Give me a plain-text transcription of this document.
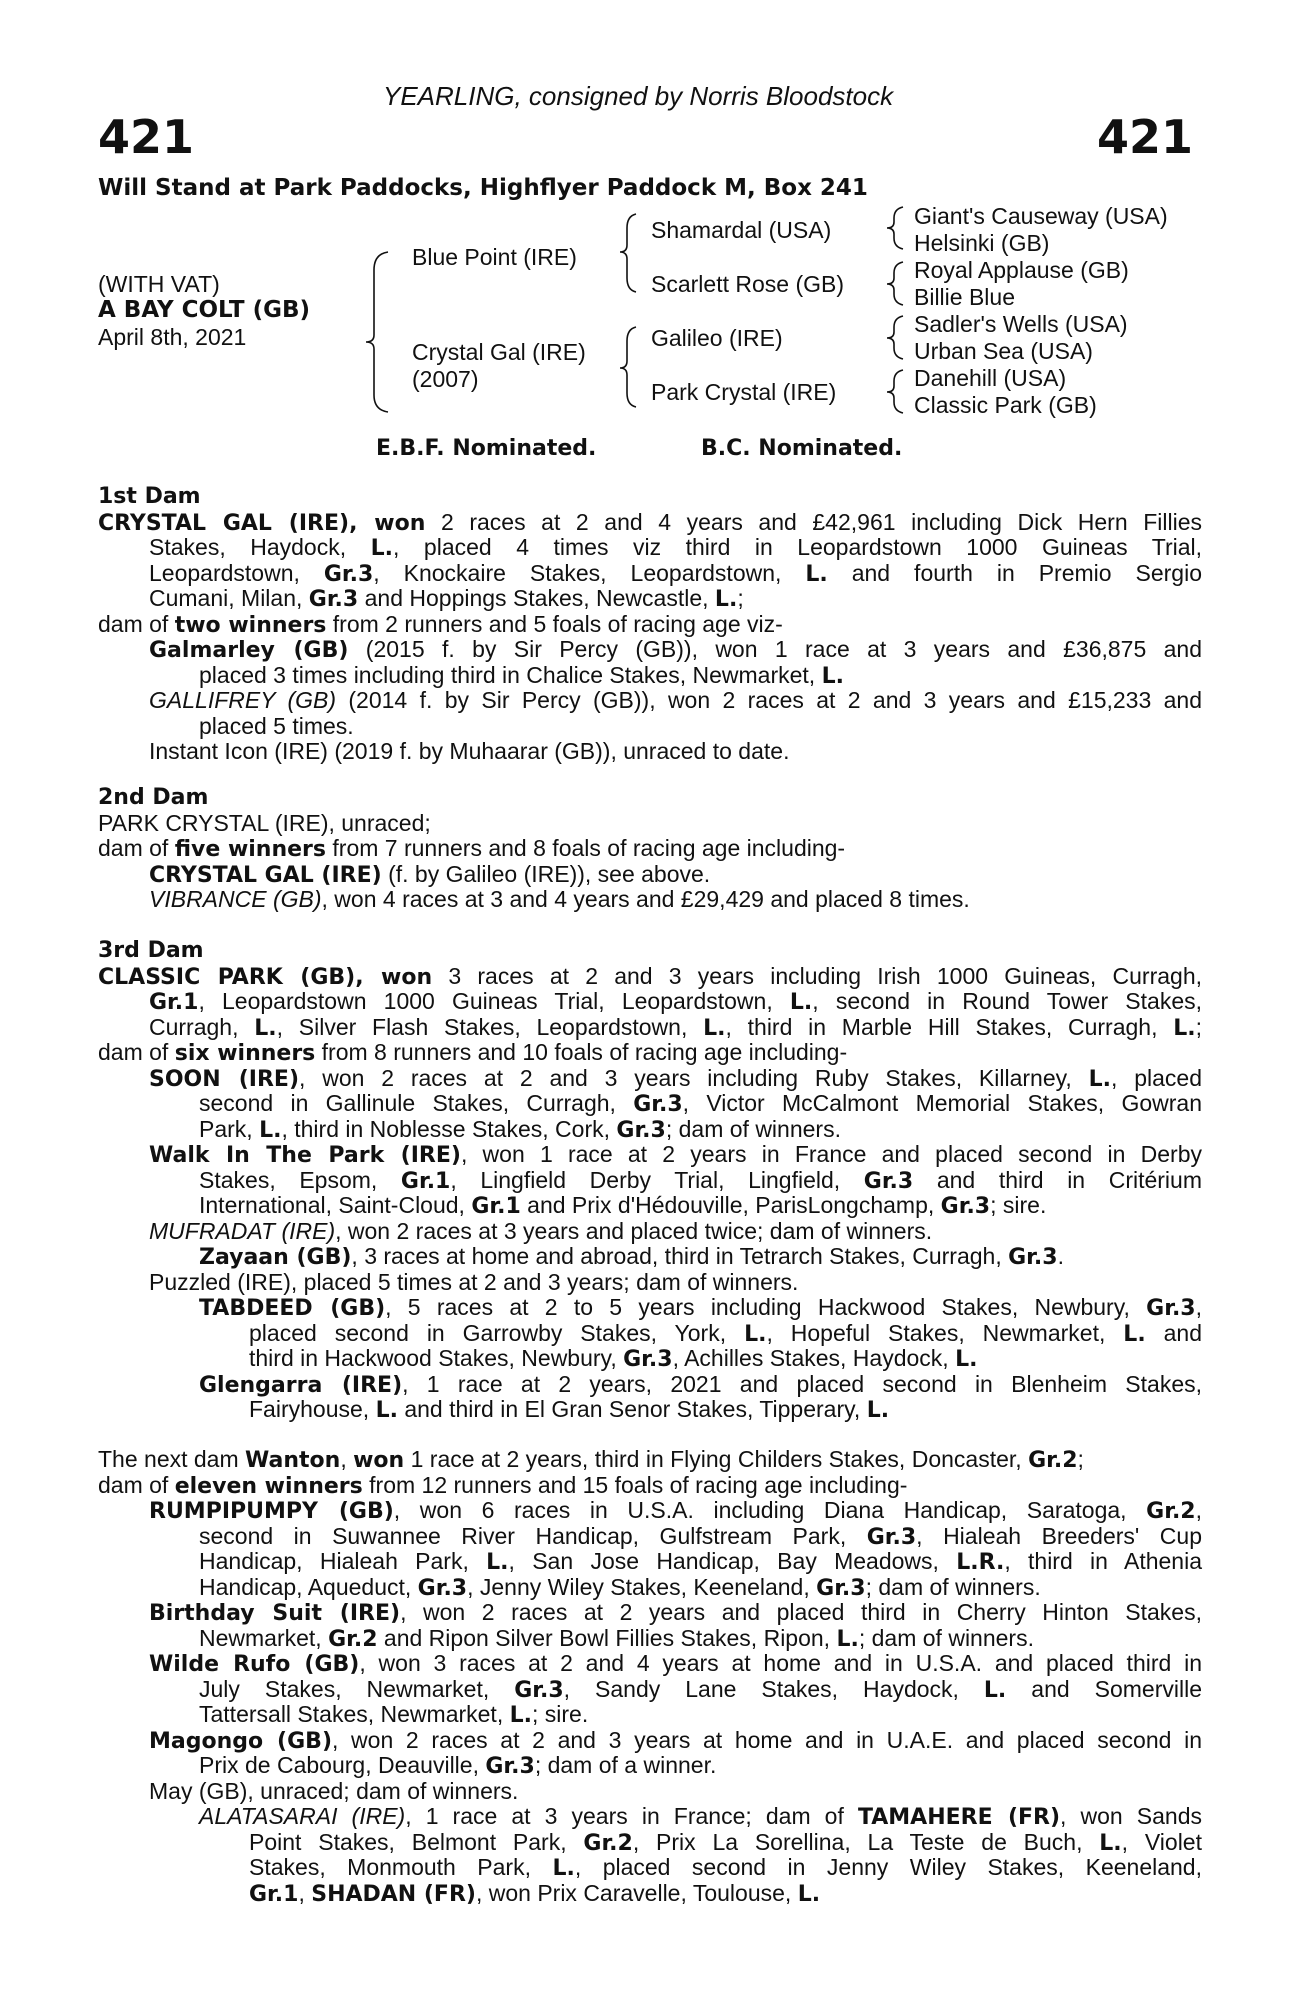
YEARLING, consigned by Norris Bloodstock
421	421
Will Stand at Park Paddocks, Highflyer Paddock M, Box 241
(WITH VAT)
A BAY COLT (GB)
April 8th, 2021
Blue Point (IRE)
Crystal Gal (IRE)
(2007)
Shamardal (USA)
Scarlett Rose (GB)
Galileo (IRE)
Park Crystal (IRE)
Giant's Causeway (USA)
Helsinki (GB)
Royal Applause (GB)
Billie Blue
Sadler's Wells (USA)
Urban Sea (USA)
Danehill (USA)
Classic Park (GB)
E.B.F. Nominated.	B.C. Nominated.
1st Dam
CRYSTAL GAL (IRE), won 2 races at 2 and 4 years and £42,961 including Dick Hern Fillies
Stakes, Haydock, L., placed 4 times viz third in Leopardstown 1000 Guineas Trial,
Leopardstown, Gr.3, Knockaire Stakes, Leopardstown, L. and fourth in Premio Sergio
Cumani, Milan, Gr.3 and Hoppings Stakes, Newcastle, L.;
dam of two winners from 2 runners and 5 foals of racing age viz-
Galmarley (GB) (2015 f. by Sir Percy (GB)), won 1 race at 3 years and £36,875 and
placed 3 times including third in Chalice Stakes, Newmarket, L.
GALLIFREY (GB) (2014 f. by Sir Percy (GB)), won 2 races at 2 and 3 years and £15,233 and
placed 5 times.
Instant Icon (IRE) (2019 f. by Muhaarar (GB)), unraced to date.
2nd Dam
PARK CRYSTAL (IRE), unraced;
dam of five winners from 7 runners and 8 foals of racing age including-
CRYSTAL GAL (IRE) (f. by Galileo (IRE)), see above.
VIBRANCE (GB), won 4 races at 3 and 4 years and £29,429 and placed 8 times.
3rd Dam
CLASSIC PARK (GB), won 3 races at 2 and 3 years including Irish 1000 Guineas, Curragh,
Gr.1, Leopardstown 1000 Guineas Trial, Leopardstown, L., second in Round Tower Stakes,
Curragh, L., Silver Flash Stakes, Leopardstown, L., third in Marble Hill Stakes, Curragh, L.;
dam of six winners from 8 runners and 10 foals of racing age including-
SOON (IRE), won 2 races at 2 and 3 years including Ruby Stakes, Killarney, L., placed
second in Gallinule Stakes, Curragh, Gr.3, Victor McCalmont Memorial Stakes, Gowran
Park, L., third in Noblesse Stakes, Cork, Gr.3; dam of winners.
Walk In The Park (IRE), won 1 race at 2 years in France and placed second in Derby
Stakes, Epsom, Gr.1, Lingfield Derby Trial, Lingfield, Gr.3 and third in Critérium
International, Saint-Cloud, Gr.1 and Prix d'Hédouville, ParisLongchamp, Gr.3; sire.
MUFRADAT (IRE), won 2 races at 3 years and placed twice; dam of winners.
Zayaan (GB), 3 races at home and abroad, third in Tetrarch Stakes, Curragh, Gr.3.
Puzzled (IRE), placed 5 times at 2 and 3 years; dam of winners.
TABDEED (GB), 5 races at 2 to 5 years including Hackwood Stakes, Newbury, Gr.3,
placed second in Garrowby Stakes, York, L., Hopeful Stakes, Newmarket, L. and
third in Hackwood Stakes, Newbury, Gr.3, Achilles Stakes, Haydock, L.
Glengarra (IRE), 1 race at 2 years, 2021 and placed second in Blenheim Stakes,
Fairyhouse, L. and third in El Gran Senor Stakes, Tipperary, L.
The next dam Wanton, won 1 race at 2 years, third in Flying Childers Stakes, Doncaster, Gr.2;
dam of eleven winners from 12 runners and 15 foals of racing age including-
RUMPIPUMPY (GB), won 6 races in U.S.A. including Diana Handicap, Saratoga, Gr.2,
second in Suwannee River Handicap, Gulfstream Park, Gr.3, Hialeah Breeders' Cup
Handicap, Hialeah Park, L., San Jose Handicap, Bay Meadows, L.R., third in Athenia
Handicap, Aqueduct, Gr.3, Jenny Wiley Stakes, Keeneland, Gr.3; dam of winners.
Birthday Suit (IRE), won 2 races at 2 years and placed third in Cherry Hinton Stakes,
Newmarket, Gr.2 and Ripon Silver Bowl Fillies Stakes, Ripon, L.; dam of winners.
Wilde Rufo (GB), won 3 races at 2 and 4 years at home and in U.S.A. and placed third in
July Stakes, Newmarket, Gr.3, Sandy Lane Stakes, Haydock, L. and Somerville
Tattersall Stakes, Newmarket, L.; sire.
Magongo (GB), won 2 races at 2 and 3 years at home and in U.A.E. and placed second in
Prix de Cabourg, Deauville, Gr.3; dam of a winner.
May (GB), unraced; dam of winners.
ALATASARAI (IRE), 1 race at 3 years in France; dam of TAMAHERE (FR), won Sands
Point Stakes, Belmont Park, Gr.2, Prix La Sorellina, La Teste de Buch, L., Violet
Stakes, Monmouth Park, L., placed second in Jenny Wiley Stakes, Keeneland,
Gr.1, SHADAN (FR), won Prix Caravelle, Toulouse, L.
